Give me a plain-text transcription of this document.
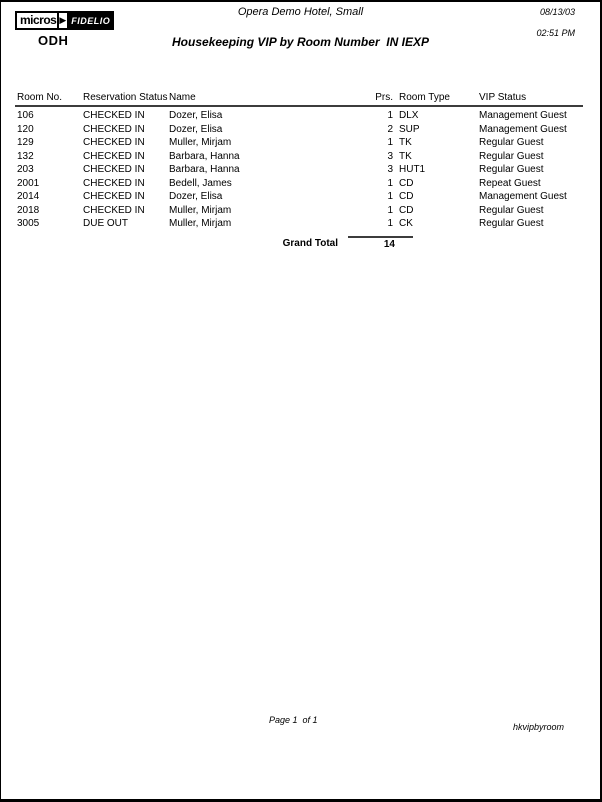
micros ▶ FIDELIO
ODH
Opera Demo Hotel, Small	08/13/03
02:51 PM
Housekeeping VIP by Room Number  IN IEXP
Room No.	Reservation Status	Name	Prs.	Room Type	VIP Status
106	CHECKED IN	Dozer, Elisa	1	DLX	Management Guest
120	CHECKED IN	Dozer, Elisa	2	SUP	Management Guest
129	CHECKED IN	Muller, Mirjam	1	TK	Regular Guest
132	CHECKED IN	Barbara, Hanna	3	TK	Regular Guest
203	CHECKED IN	Barbara, Hanna	3	HUT1	Regular Guest
2001	CHECKED IN	Bedell, James	1	CD	Repeat Guest
2014	CHECKED IN	Dozer, Elisa	1	CD	Management Guest
2018	CHECKED IN	Muller, Mirjam	1	CD	Regular Guest
3005	DUE OUT	Muller, Mirjam	1	CK	Regular Guest
Grand Total	14
Page 1  of 1
hkvipbyroom
